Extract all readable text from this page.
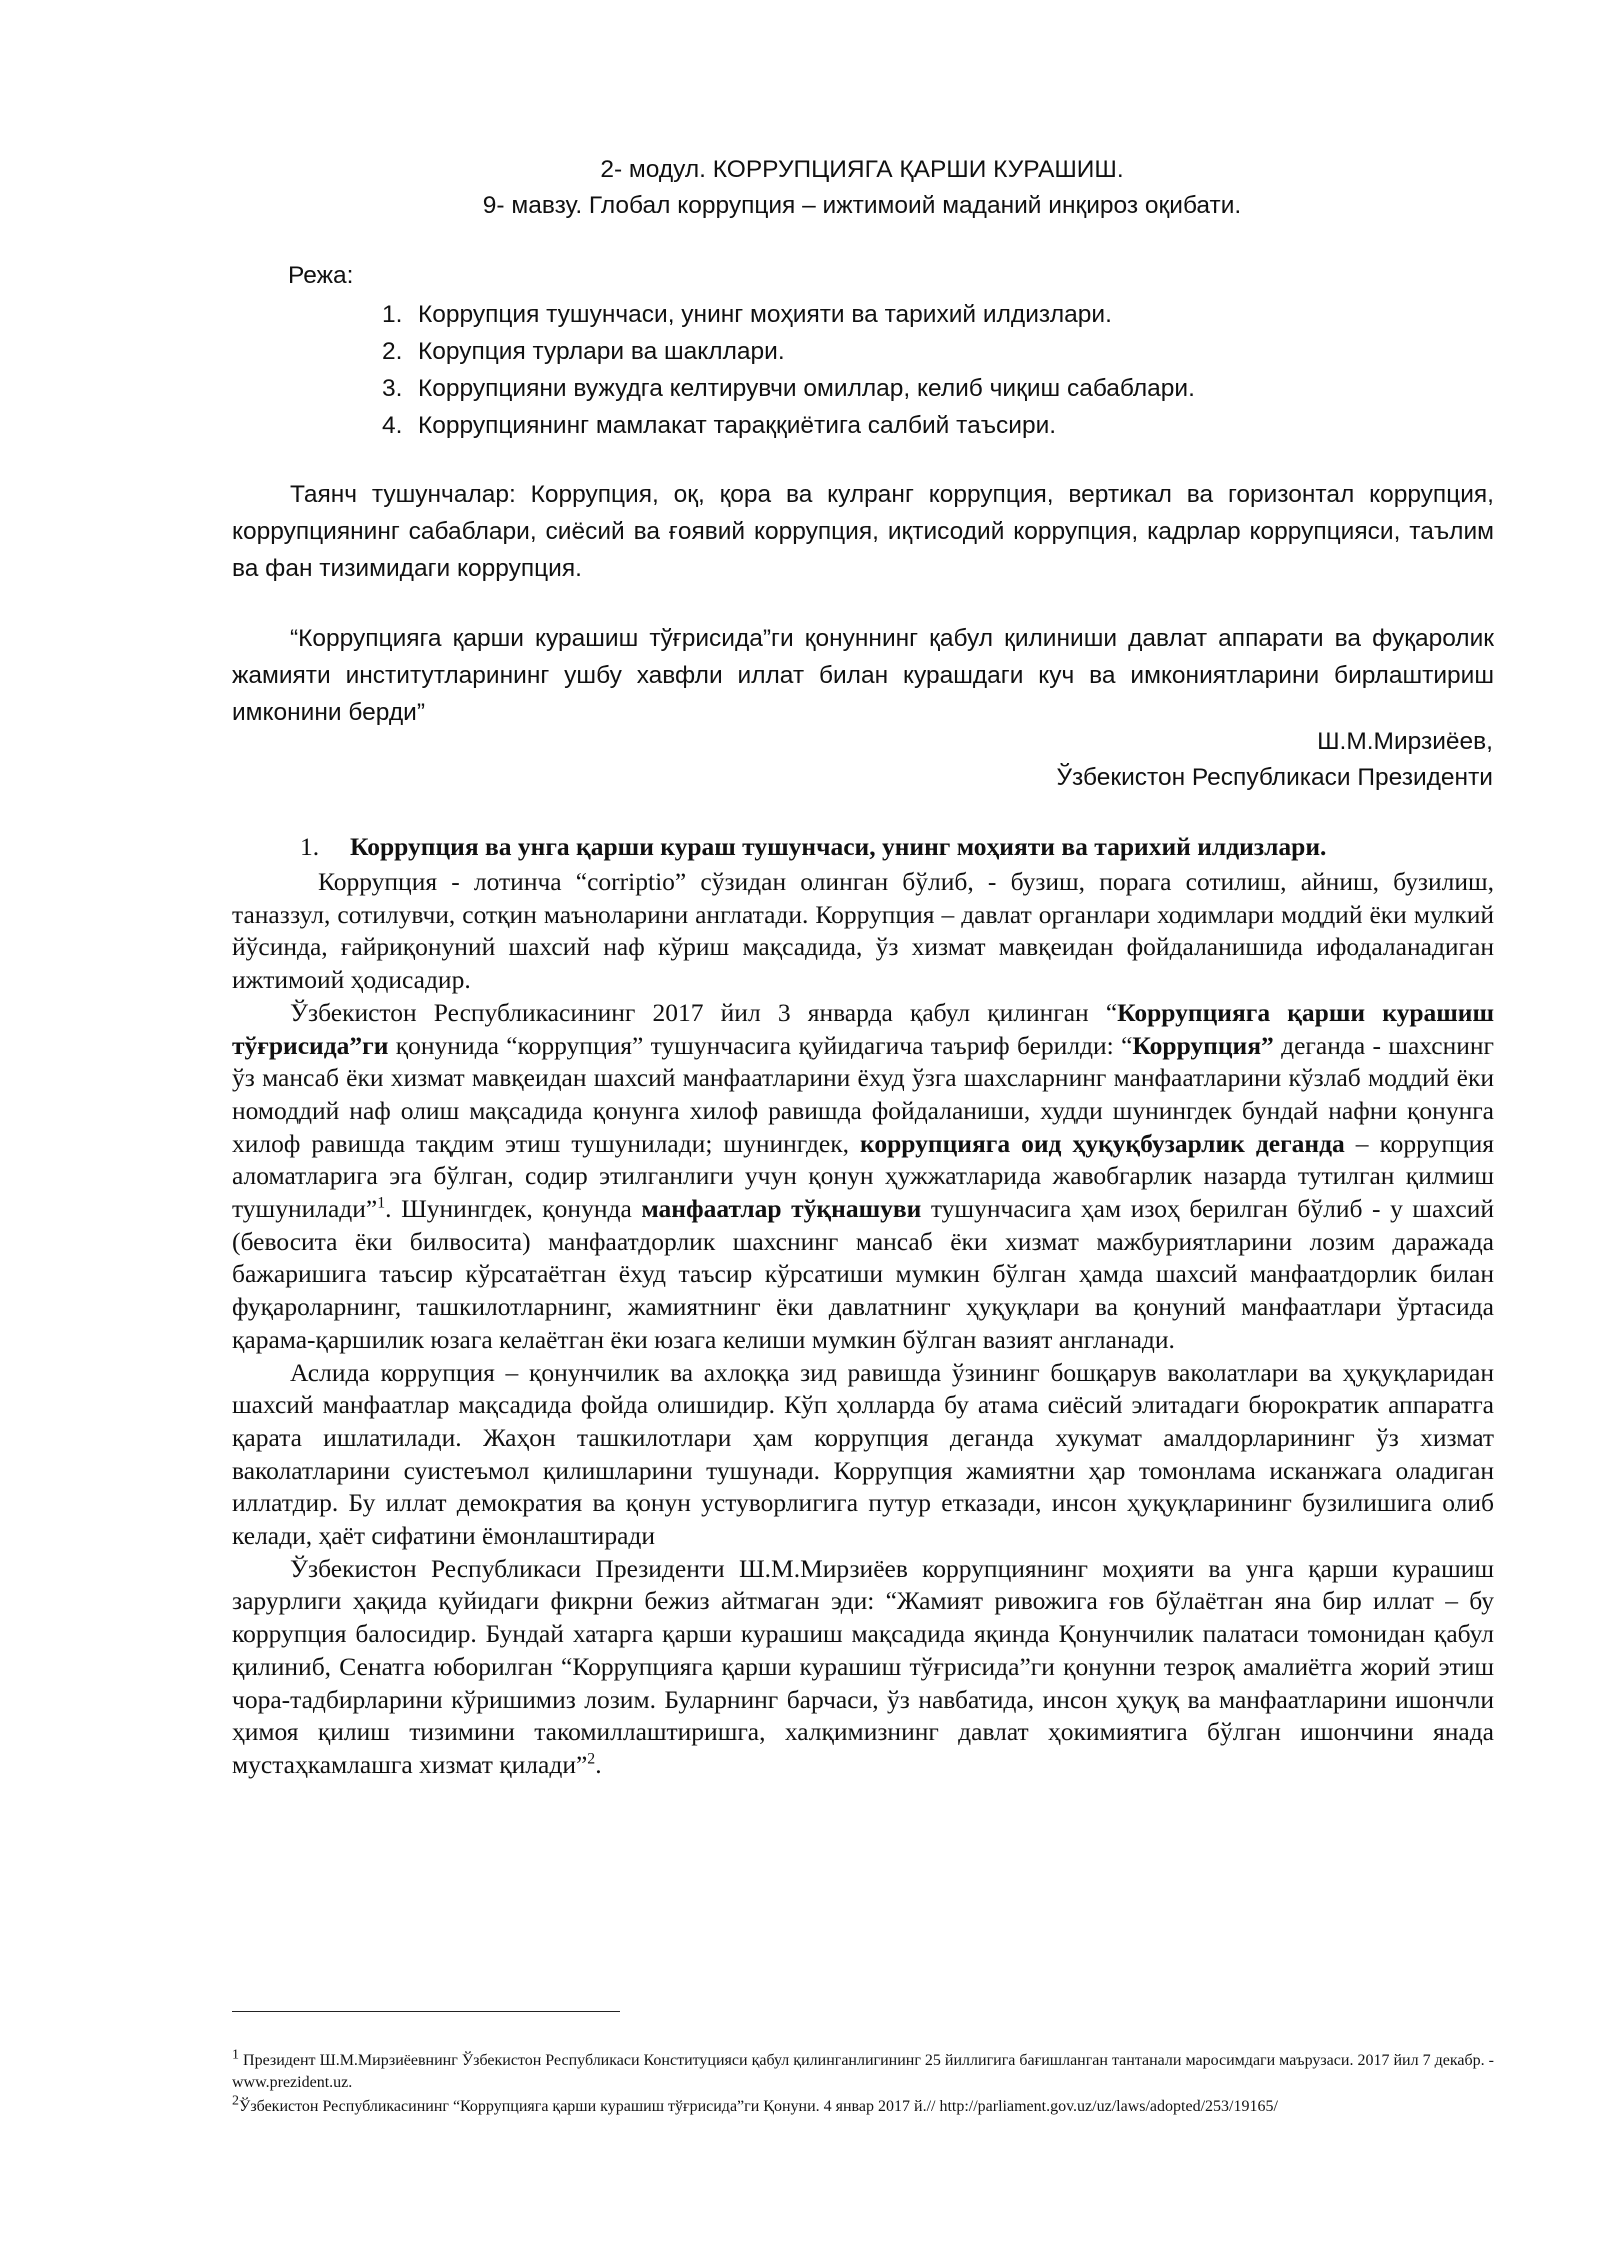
2- модул. КОРРУПЦИЯГА ҚАРШИ КУРАШИШ.
9- мавзу. Глобал коррупция – ижтимоий маданий инқироз оқибати.
Режа:
1. Коррупция тушунчаси, унинг моҳияти ва тарихий илдизлари.
2. Корупция турлари ва шакллари.
3. Коррупцияни вужудга келтирувчи омиллар, келиб чиқиш сабаблари.
4. Коррупциянинг мамлакат тараққиётига салбий таъсири.
Таянч тушунчалар: Коррупция, оқ, қора ва кулранг коррупция, вертикал ва горизонтал коррупция, коррупциянинг сабаблари, сиёсий ва ғоявий коррупция, иқтисодий коррупция, кадрлар коррупцияси, таълим ва фан тизимидаги коррупция.
“Коррупцияга қарши курашиш тўғрисида”ги қонуннинг қабул қилиниши давлат аппарати ва фуқаролик жамияти институтларининг ушбу хавфли иллат билан курашдаги куч ва имкониятларини бирлаштириш имконини берди”
Ш.М.Мирзиёев,
Ўзбекистон Республикаси Президенти
1. Коррупция ва унга қарши кураш тушунчаси, унинг моҳияти ва тарихий илдизлари.

Коррупция - лотинча “corriptio” сўзидан олинган бўлиб, - бузиш, порага сотилиш, айниш, бузилиш, таназзул, сотилувчи, сотқин маъноларини англатади. Коррупция – давлат органлари ходимлари моддий ёки мулкий йўсинда, ғайриқонуний шахсий наф кўриш мақсадида, ўз хизмат мавқеидан фойдаланишида ифодаланадиган ижтимоий ҳодисадир.

Ўзбекистон Республикасининг 2017 йил 3 январда қабул қилинган “Коррупцияга қарши курашиш тўғрисида”ги қонунида “коррупция” тушунчасига қуйидагича таъриф берилди: “Коррупция” деганда - шахснинг ўз мансаб ёки хизмат мавқеидан шахсий манфаатларини ёхуд ўзга шахсларнинг манфаатларини кўзлаб моддий ёки номоддий наф олиш мақсадида қонунга хилоф равишда фойдаланиши, худди шунингдек бундай нафни қонунга хилоф равишда тақдим этиш тушунилади; шунингдек, коррупцияга оид ҳуқуқбузарлик деганда – коррупция аломатларига эга бўлган, содир этилганлиги учун қонун ҳужжатларида жавобгарлик назарда тутилган қилмиш тушунилади”$^1$. Шунингдек, қонунда манфаатлар тўқнашуви тушунчасига ҳам изоҳ берилган бўлиб - у шахсий (бевосита ёки билвосита) манфаатдорлик шахснинг мансаб ёки хизмат мажбуриятларини лозим даражада бажаришига таъсир кўрсатаётган ёхуд таъсир кўрсатиши мумкин бўлган ҳамда шахсий манфаатдорлик билан фуқароларнинг, ташкилотларнинг, жамиятнинг ёки давлатнинг ҳуқуқлари ва қонуний манфаатлари ўртасида қарама-қаршилик юзага келаётган ёки юзага келиши мумкин бўлган вазият англанади.

Аслида коррупция – қонунчилик ва ахлоққа зид равишда ўзининг бошқарув ваколатлари ва ҳуқуқларидан шахсий манфаатлар мақсадида фойда олишидир. Кўп ҳолларда бу атама сиёсий элитадаги бюрократик аппаратга қарата ишлатилади. Жаҳон ташкилотлари ҳам коррупция деганда хукумат амалдорларининг ўз хизмат ваколатларини суистеъмол қилишларини тушунади. Коррупция жамиятни ҳар томонлама исканжага оладиган иллатдир. Бу иллат демократия ва қонун устуворлигига путур етказади, инсон ҳуқуқларининг бузилишига олиб келади, ҳаёт сифатини ёмонлаштиради

Ўзбекистон Республикаси Президенти Ш.М.Мирзиёев коррупциянинг моҳияти ва унга қарши курашиш зарурлиги ҳақида қуйидаги фикрни бежиз айтмаган эди: “Жамият ривожига ғов бўлаётган яна бир иллат – бу коррупция балосидир. Бундай хатарга қарши курашиш мақсадида яқинда Қонунчилик палатаси томонидан қабул қилиниб, Сенатга юборилган “Коррупцияга қарши курашиш тўғрисида”ги қонунни тезроқ амалиётга жорий этиш чора-тадбирларини кўришимиз лозим. Буларнинг барчаси, ўз навбатида, инсон ҳуқуқ ва манфаатларини ишончли ҳимоя қилиш тизимини такомиллаштиришга, халқимизнинг давлат ҳокимиятига бўлган ишончини янада мустаҳкамлашга хизмат қилади”$^2$.

1 Президент Ш.М.Мирзиёевнинг Ўзбекистон Республикаси Конституцияси қабул қилинганлигининг 25 йиллигига бағишланган тантанали маросимдаги маърузаси. 2017 йил 7 декабр. - www.prezident.uz.

2Ўзбекистон Республикасининг “Коррупцияга қарши курашиш тўғрисида”ги Қонуни. 4 январ 2017 й.// http://parliament.gov.uz/uz/laws/adopted/253/19165/
